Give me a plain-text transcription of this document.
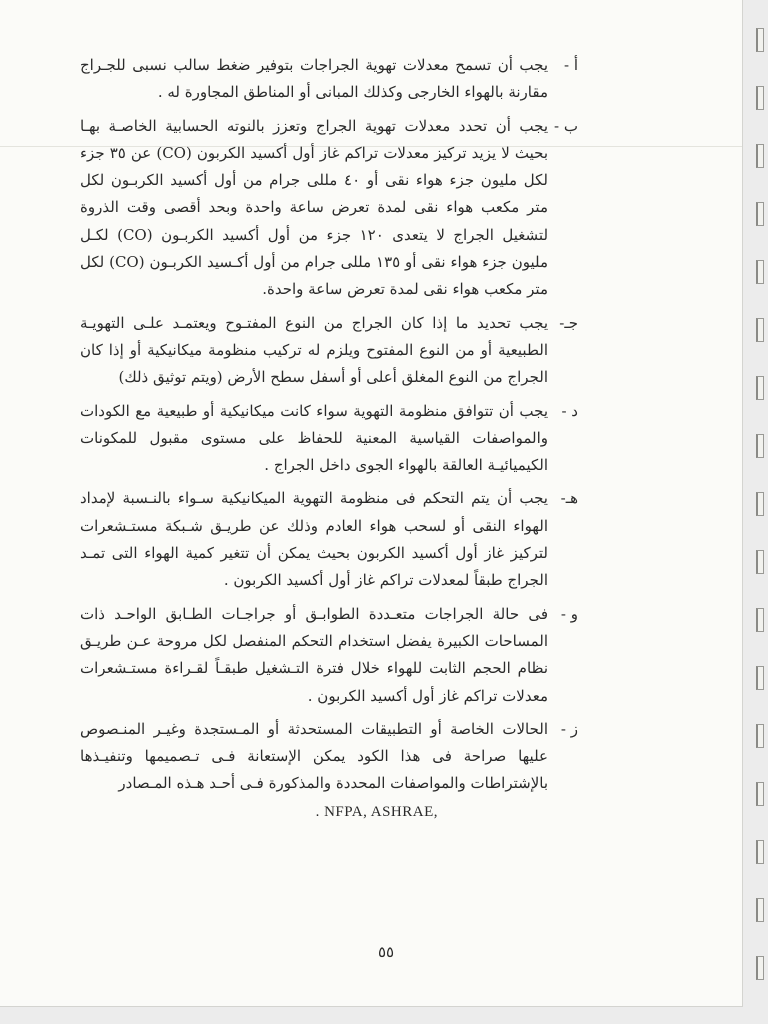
أ -
يجب أن تسمح معدلات تهوية الجراجات بتوفير ضغط سالب نسبى للجـراج مقارنة بالهواء الخارجى وكذلك المبانى أو المناطق المجاورة له .
ب -
يجب أن تحدد معدلات تهوية الجراج وتعزز بالنوته الحسابية الخاصـة بهـا بحيث لا يزيد تركيز معدلات تراكم غاز أول أكسيد الكربون (CO) عن ٣٥ جزء لكل مليون جزء هواء نقى أو ٤٠ مللى جرام من أول أكسيد الكربـون لكل متر مكعب هواء نقى لمدة تعرض ساعة واحدة وبحد أقصى وقت الذروة لتشغيل الجراج لا يتعدى ١٢٠ جزء من أول أكسيد الكربـون (CO) لكـل مليون جزء هواء نقى أو ١٣٥ مللى جرام من أول أكـسيد الكربـون (CO) لكل متر مكعب هواء نقى لمدة تعرض ساعة واحدة.
جـ-
يجب تحديد ما إذا كان الجراج من النوع المفتـوح ويعتمـد علـى التهويـة الطبيعية أو من النوع المفتوح ويلزم له تركيب منظومة ميكانيكية أو إذا كان الجراج من النوع المغلق أعلى أو أسفل سطح الأرض (ويتم توثيق ذلك)
د -
يجب أن تتوافق منظومة التهوية سواء كانت ميكانيكية أو طبيعية مع الكودات والمواصفات القياسية المعنية للحفاظ على مستوى مقبول للمكونات الكيميائيـة العالقة بالهواء الجوى داخل الجراج .
هـ-
يجب أن يتم التحكم فى منظومة التهوية الميكانيكية سـواء بالنـسبة لإمداد الهواء النقى أو لسحب هواء العادم وذلك عن طريـق شـبكة مستـشعرات لتركيز غاز أول أكسيد الكربون بحيث يمكن أن تتغير كمية الهواء التى تمـد الجراج طبقاً لمعدلات تراكم غاز أول أكسيد الكربون .
و -
فى حالة الجراجات متعـددة الطوابـق أو جراجـات الطـابق الواحـد ذات المساحات الكبيرة يفضل استخدام التحكم المنفصل لكل مروحة عـن طريـق نظام الحجم الثابت للهواء خلال فترة التـشغيل طبقـاً لقـراءة مستـشعرات معدلات تراكم غاز أول أكسيد الكربون .
ز -
الحالات الخاصة أو التطبيقات المستحدثة أو المـستجدة وغيـر المنـصوص عليها صراحة فى هذا الكود يمكن الإستعانة فـى تـصميمها وتنفيـذها بالإشتراطات والمواصفات المحددة والمذكورة فـى أحـد هـذه المـصادر
. NFPA, ASHRAE,
٥٥
